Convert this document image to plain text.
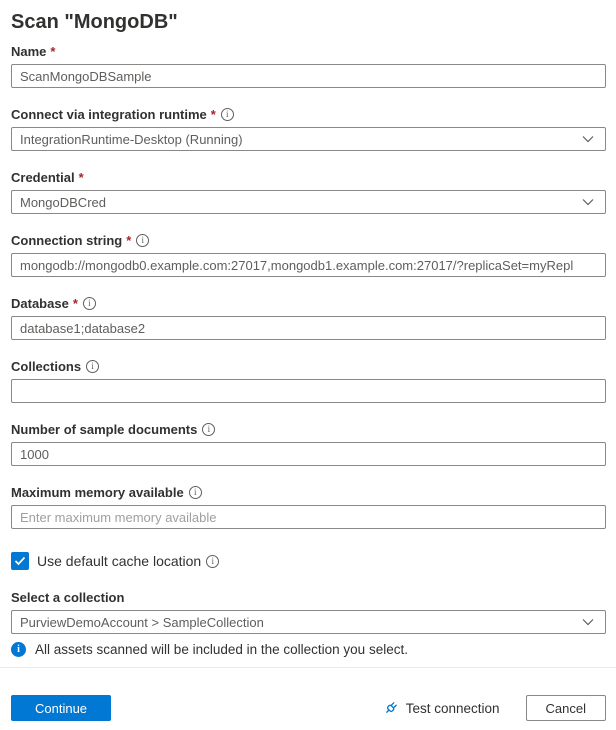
Scan "MongoDB"
Name *
ScanMongoDBSample
Connect via integration runtime *	i
IntegrationRuntime-Desktop (Running)
Credential *
MongoDBCred
Connection string *	i
mongodb://mongodb0.example.com:27017,mongodb1.example.com:27017/?replicaSet=myRepl
Database *	i
database1;database2
Collections	i
Number of sample documents	i
1000
Maximum memory available	i
Enter maximum memory available
Use default cache location	i
Select a collection
PurviewDemoAccount > SampleCollection
i	All assets scanned will be included in the collection you select.
Continue	Test connection	Cancel
